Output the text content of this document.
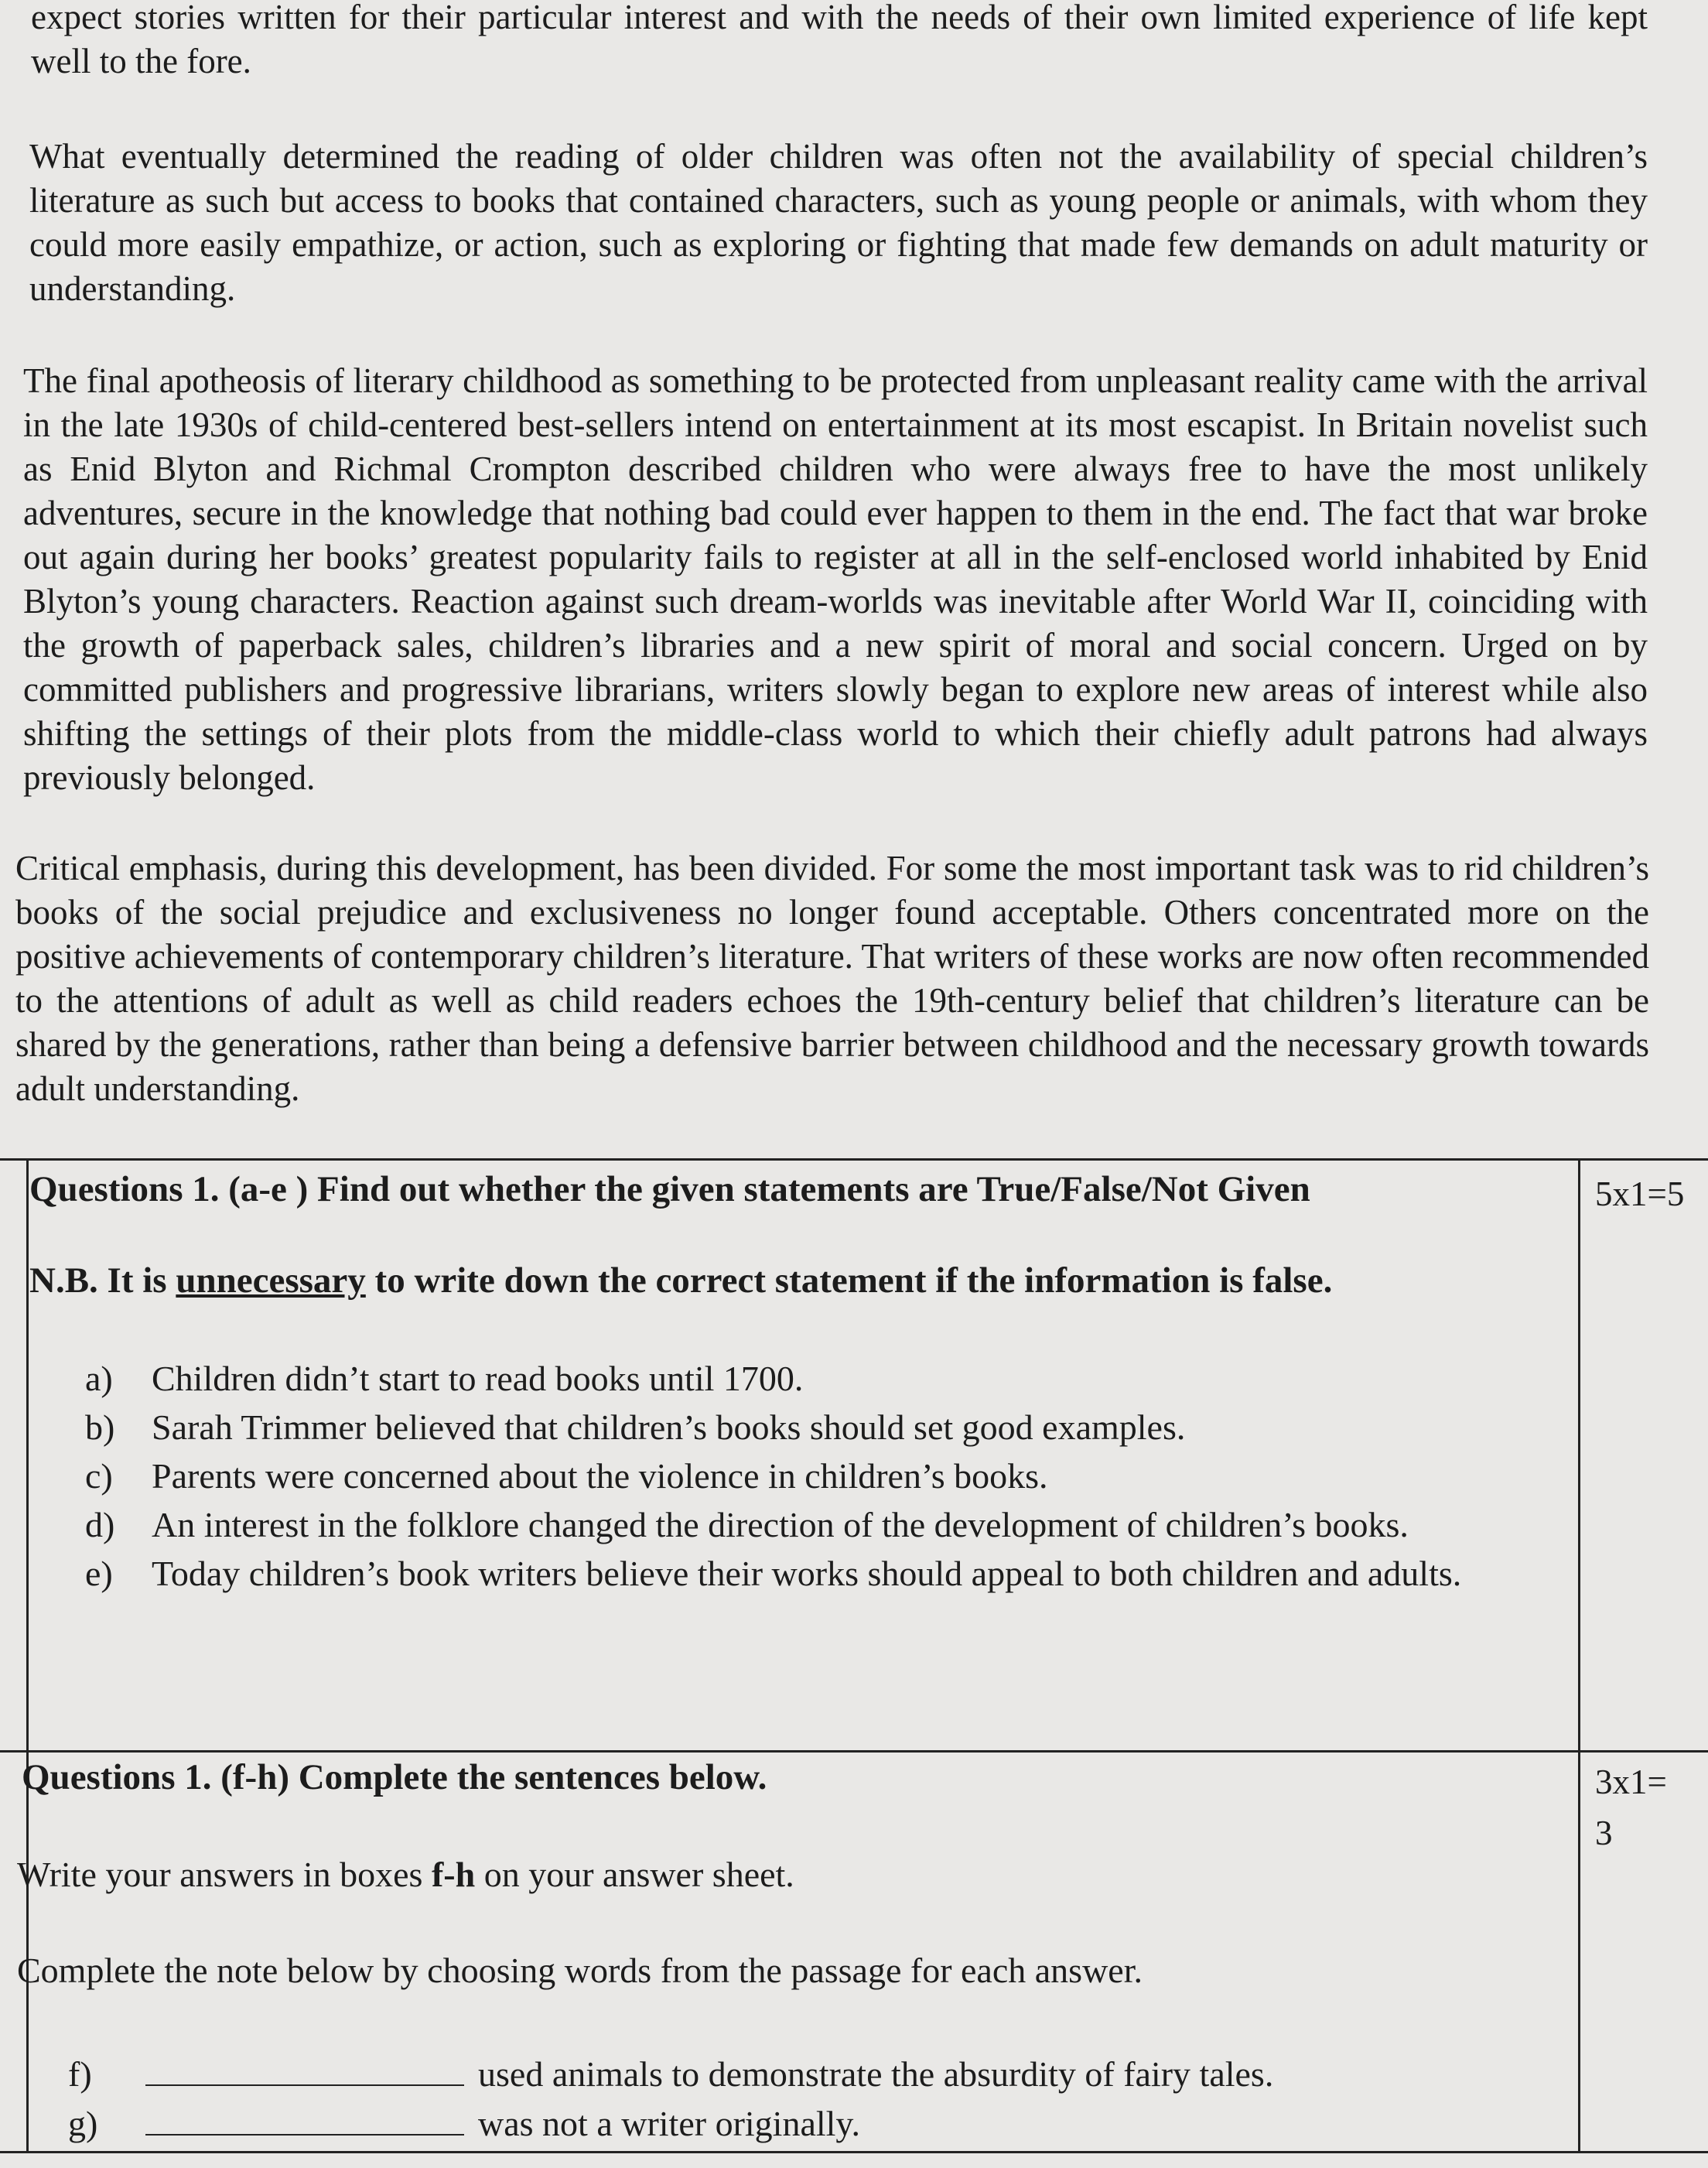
expect stories written for their particular interest and with the needs of their own limited experience of life kept well to the fore.

What eventually determined the reading of older children was often not the availability of special children’s literature as such but access to books that contained characters, such as young people or animals, with whom they could more easily empathize, or action, such as exploring or fighting that made few demands on adult maturity or understanding.

The final apotheosis of literary childhood as something to be protected from unpleasant reality came with the arrival in the late 1930s of child-centered best-sellers intend on entertainment at its most escapist. In Britain novelist such as Enid Blyton and Richmal Crompton described children who were always free to have the most unlikely adventures, secure in the knowledge that nothing bad could ever happen to them in the end. The fact that war broke out again during her books’ greatest popularity fails to register at all in the self-enclosed world inhabited by Enid Blyton’s young characters. Reaction against such dream-worlds was inevitable after World War II, coinciding with the growth of paperback sales, children’s libraries and a new spirit of moral and social concern. Urged on by committed publishers and progressive librarians, writers slowly began to explore new areas of interest while also shifting the settings of their plots from the middle-class world to which their chiefly adult patrons had always previously belonged.

Critical emphasis, during this development, has been divided. For some the most important task was to rid children’s books of the social prejudice and exclusiveness no longer found acceptable. Others concentrated more on the positive achievements of contemporary children’s literature. That writers of these works are now often recommended to the attentions of adult as well as child readers echoes the 19th-century belief that children’s literature can be shared by the generations, rather than being a defensive barrier between childhood and the necessary growth towards adult understanding.

Questions 1. (a-e ) Find out whether the given statements are True/False/Not Given	5x1=5

N.B. It is unnecessary to write down the correct statement if the information is false.

a) Children didn’t start to read books until 1700.
b) Sarah Trimmer believed that children’s books should set good examples.
c) Parents were concerned about the violence in children’s books.
d) An interest in the folklore changed the direction of the development of children’s books.
e) Today children’s book writers believe their works should appeal to both children and adults.

Questions 1. (f-h) Complete the sentences below.	3x1=
3

Write your answers in boxes f-h on your answer sheet.

Complete the note below by choosing words from the passage for each answer.

f)	used animals to demonstrate the absurdity of fairy tales.

g)	was not a writer originally.
